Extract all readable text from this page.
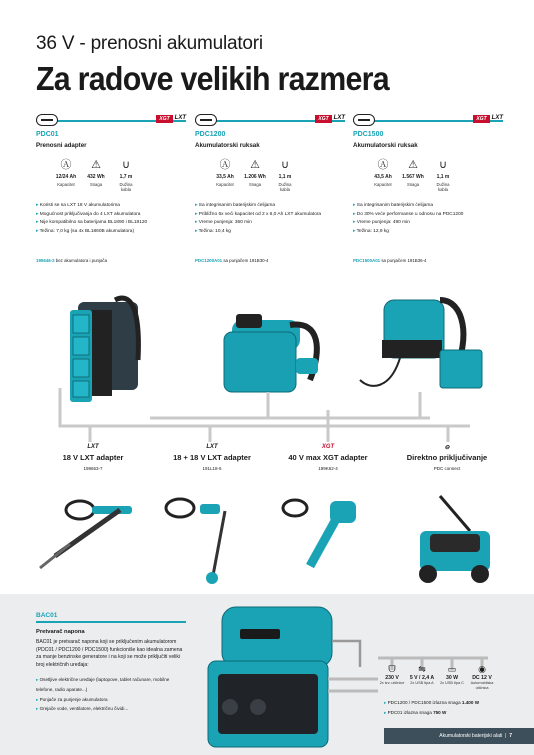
36 V - prenosni akumulatori
Za radove velikih razmera
XGT LXT
PDC01
Prenosni adapter
Ⓐ
12/24 Ah
Kapacitet
⚠
432 Wh
Snaga
∪
1,7 m
Dužina kabla
▸ Koristi se sa LXT 18 V akumulatorima
▸ Mogućnost priključivanja do 4 LXT akumulatora
▸ Nije kompatibilno sa baterijama BL1890 i BL18120
▸ Težina: 7,0 kg (sa 4x BL1860B akumulatora)
XGT LXT
PDC1200
Akumulatorski ruksak
Ⓐ
33,5 Ah
Kapacitet
⚠
1.206 Wh
Snaga
∪
1,1 m
Dužina kabla
▸ Sa integrisanim baterijskim ćelijama
▸ Približno 6x veći kapacitet od 2 x 6,0 Ah LXT akumulatora
▸ Vreme punjenja: 360 min
▸ Težina: 10,4 kg
XGT LXT
PDC1500
Akumulatorski ruksak
Ⓐ
43,5 Ah
Kapacitet
⚠
1.567 Wh
Snaga
∪
1,1 m
Dužina kabla
▸ Sa integrisanim baterijskim ćelijama
▸ Do 30% veće performanse u odnosu na PDC1200
▸ Vreme punjenja: 490 min
▸ Težina: 12,9 kg
195646-2 bez akumulatora i punjača	PDC1200A01 sa punjačem 191B30-4	PDC1500A01 sa punjačem 191B36-4
LXT
18 V LXT adapter
198653-7
LXT
18 + 18 V LXT adapter
191L18-5
XGT
40 V max XGT adapter
199K62-4
⊖
Direktno priključivanje
PDC connect
BAC01
Pretvarač napona
BAC01 je pretvarač napona koji se priključenim akumulatorom (PDC01 / PDC1200 / PDC1500) funkcioniše kao idealna zamena za manje benzinske generatore i na koji se može priključiti veliki broj električnih uređaja:
▸ Osetljive električne uređaje (laptopove, tablet računare, mobilne telefone, radio aparate...)
▸ Punjače za punjenje akumulatora
▸ Grejače vode, ventilatore, električnu čividi...
ᗜ
230 V
2x tzv. utičnice
⇋
5 V / 2,4 A
2x USB tipa A
▭
30 W
2x USB tipa C
◉
DC 12 V
Automobilska utičnica
▸ PDC1200 / PDC1500 izlazna snaga 1.400 W
▸ PDC01 izlazna snaga 750 W
Akumulatorski baterijski alati  |  7
